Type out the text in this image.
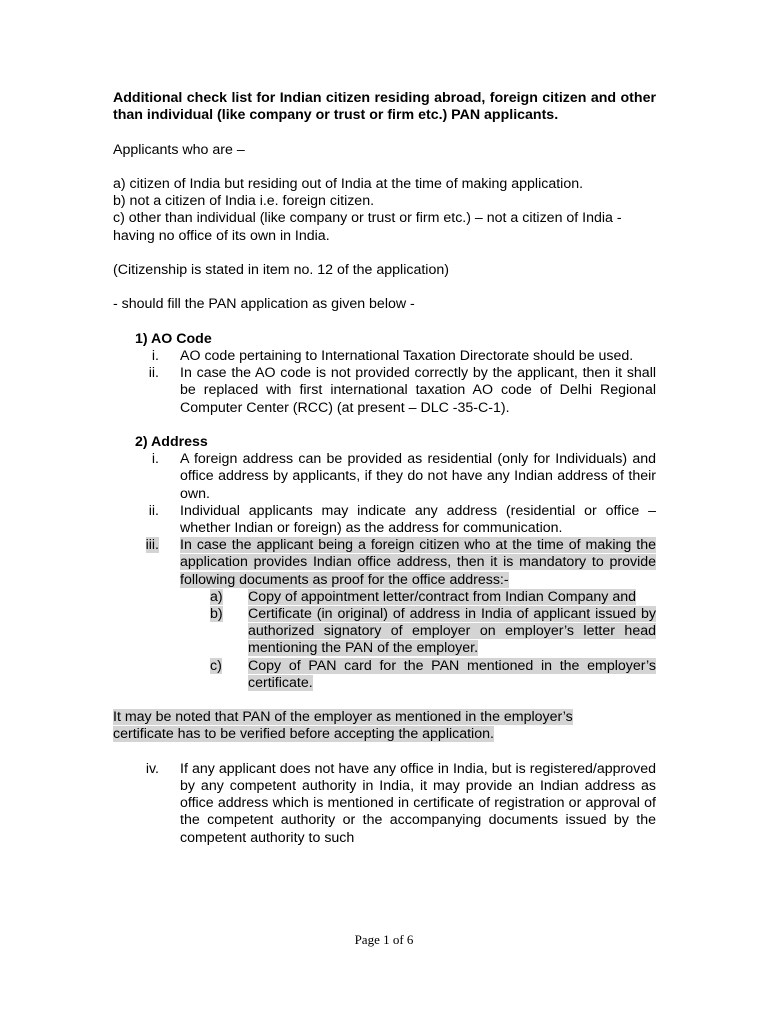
Additional check list for Indian citizen residing abroad, foreign citizen and other than individual (like company or trust or firm etc.) PAN applicants.

Applicants who are –

a) citizen of India but residing out of India at the time of making application.

b) not a citizen of India i.e. foreign citizen.

c) other than individual (like company or trust or firm etc.) – not a citizen of India - having no office of its own in India.

(Citizenship is stated in item no. 12 of the application)

- should fill the PAN application as given below -

1) AO Code

i.	AO code pertaining to International Taxation Directorate should be used.
ii.	In case the AO code is not provided correctly by the applicant, then it shall be replaced with first international taxation AO code of Delhi Regional Computer Center (RCC) (at present – DLC -35-C-1).

2) Address

i.	A foreign address can be provided as residential (only for Individuals) and office address by applicants, if they do not have any Indian address of their own.
ii.	Individual applicants may indicate any address (residential or office – whether Indian or foreign) as the address for communication.
iii.	In case the applicant being a foreign citizen who at the time of making the application provides Indian office address, then it is mandatory to provide following documents as proof for the office address:-
a)	Copy of appointment letter/contract from Indian Company and
b)	Certificate (in original) of address in India of applicant issued by authorized signatory of employer on employer’s letter head mentioning the PAN of the employer.
c)	Copy of PAN card for the PAN mentioned in the employer’s certificate.

It may be noted that PAN of the employer as mentioned in the employer’s certificate has to be verified before accepting the application.

iv.	If any applicant does not have any office in India, but is registered/approved by any competent authority in India, it may provide an Indian address as office address which is mentioned in certificate of registration or approval of the competent authority or the accompanying documents issued by the competent authority to such
Page 1 of 6
